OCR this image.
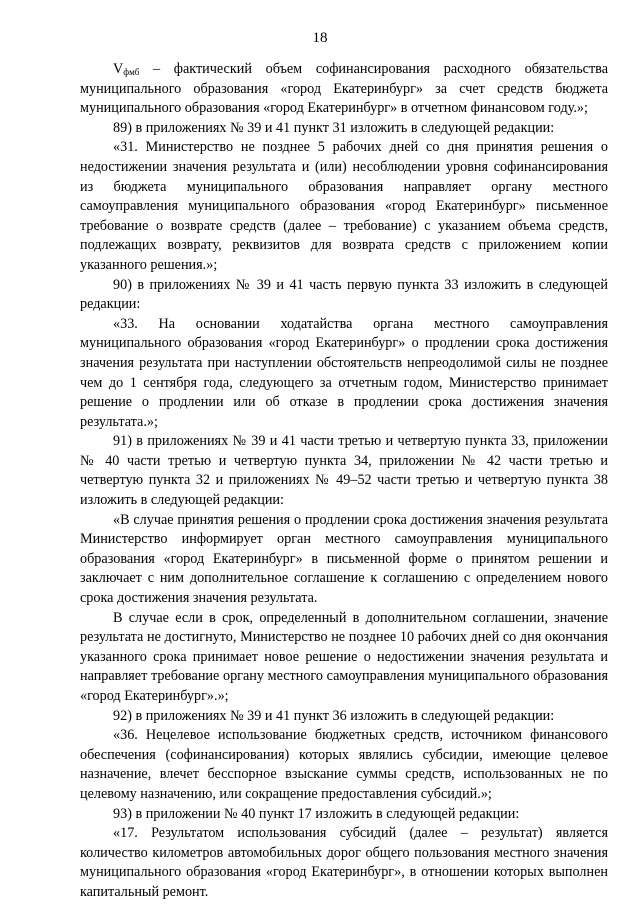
18

$V_{фмб}$ – фактический объем софинансирования расходного обязательства муниципального образования «город Екатеринбург» за счет средств бюджета муниципального образования «город Екатеринбург» в отчетном финансовом году.»;

89) в приложениях № 39 и 41 пункт 31 изложить в следующей редакции:

«31. Министерство не позднее 5 рабочих дней со дня принятия решения о недостижении значения результата и (или) несоблюдении уровня софинансирования из бюджета муниципального образования направляет органу местного самоуправления муниципального образования «город Екатеринбург» письменное требование о возврате средств (далее – требование) с указанием объема средств, подлежащих возврату, реквизитов для возврата средств с приложением копии указанного решения.»;

90) в приложениях № 39 и 41 часть первую пункта 33 изложить в следующей редакции:

«33. На основании ходатайства органа местного самоуправления муниципального образования «город Екатеринбург» о продлении срока достижения значения результата при наступлении обстоятельств непреодолимой силы не позднее чем до 1 сентября года, следующего за отчетным годом, Министерство принимает решение о продлении или об отказе в продлении срока достижения значения результата.»;

91) в приложениях № 39 и 41 части третью и четвертую пункта 33, приложении № 40 части третью и четвертую пункта 34, приложении № 42 части третью и четвертую пункта 32 и приложениях № 49–52 части третью и четвертую пункта 38 изложить в следующей редакции:

«В случае принятия решения о продлении срока достижения значения результата Министерство информирует орган местного самоуправления муниципального образования «город Екатеринбург» в письменной форме о принятом решении и заключает с ним дополнительное соглашение к соглашению с определением нового срока достижения значения результата.

В случае если в срок, определенный в дополнительном соглашении, значение результата не достигнуто, Министерство не позднее 10 рабочих дней со дня окончания указанного срока принимает новое решение о недостижении значения результата и направляет требование органу местного самоуправления муниципального образования «город Екатеринбург».»;

92) в приложениях № 39 и 41 пункт 36 изложить в следующей редакции:

«36. Нецелевое использование бюджетных средств, источником финансового обеспечения (софинансирования) которых являлись субсидии, имеющие целевое назначение, влечет бесспорное взыскание суммы средств, использованных не по целевому назначению, или сокращение предоставления субсидий.»;

93) в приложении № 40 пункт 17 изложить в следующей редакции:

«17. Результатом использования субсидий (далее – результат) является количество километров автомобильных дорог общего пользования местного значения муниципального образования «город Екатеринбург», в отношении которых выполнен капитальный ремонт.
